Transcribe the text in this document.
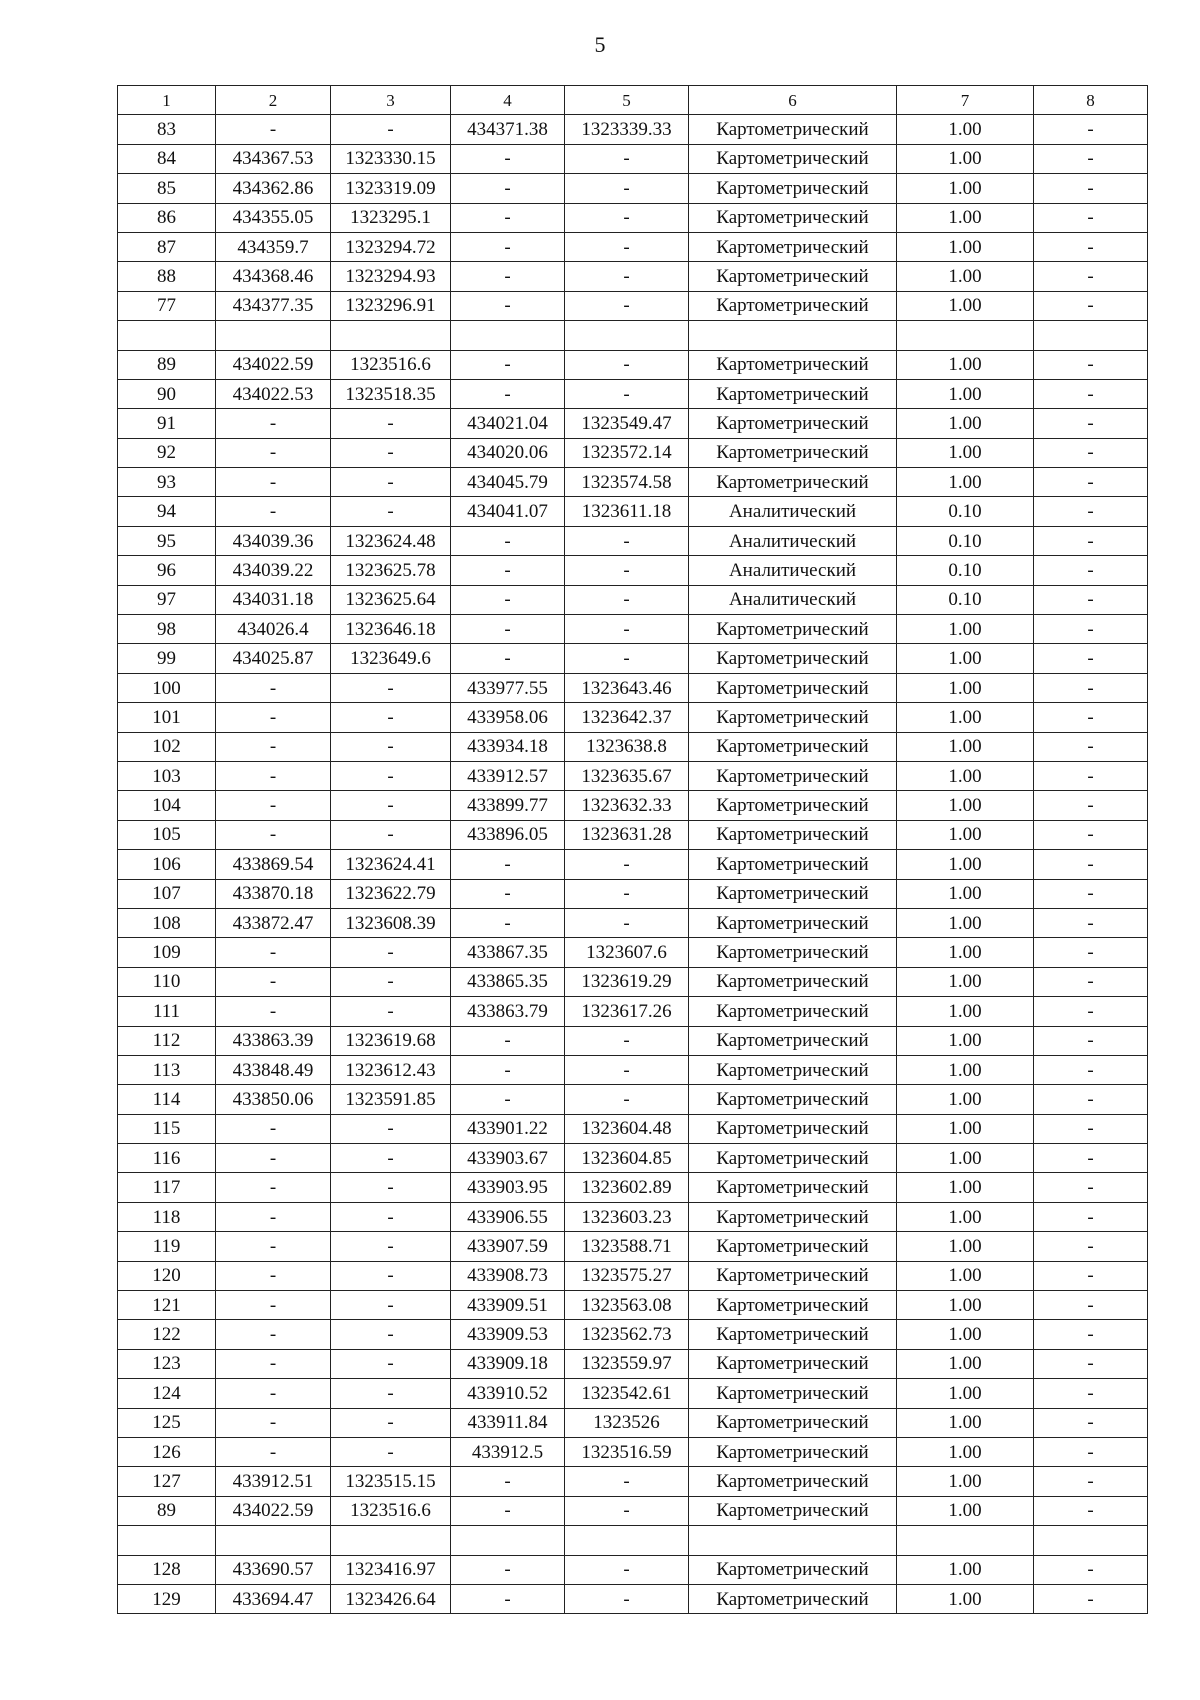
5
1	2	3	4	5	6	7	8
83	-	-	434371.38	1323339.33	Картометрический	1.00	-
84	434367.53	1323330.15	-	-	Картометрический	1.00	-
85	434362.86	1323319.09	-	-	Картометрический	1.00	-
86	434355.05	1323295.1	-	-	Картометрический	1.00	-
87	434359.7	1323294.72	-	-	Картометрический	1.00	-
88	434368.46	1323294.93	-	-	Картометрический	1.00	-
77	434377.35	1323296.91	-	-	Картометрический	1.00	-

89	434022.59	1323516.6	-	-	Картометрический	1.00	-
90	434022.53	1323518.35	-	-	Картометрический	1.00	-
91	-	-	434021.04	1323549.47	Картометрический	1.00	-
92	-	-	434020.06	1323572.14	Картометрический	1.00	-
93	-	-	434045.79	1323574.58	Картометрический	1.00	-
94	-	-	434041.07	1323611.18	Аналитический	0.10	-
95	434039.36	1323624.48	-	-	Аналитический	0.10	-
96	434039.22	1323625.78	-	-	Аналитический	0.10	-
97	434031.18	1323625.64	-	-	Аналитический	0.10	-
98	434026.4	1323646.18	-	-	Картометрический	1.00	-
99	434025.87	1323649.6	-	-	Картометрический	1.00	-
100	-	-	433977.55	1323643.46	Картометрический	1.00	-
101	-	-	433958.06	1323642.37	Картометрический	1.00	-
102	-	-	433934.18	1323638.8	Картометрический	1.00	-
103	-	-	433912.57	1323635.67	Картометрический	1.00	-
104	-	-	433899.77	1323632.33	Картометрический	1.00	-
105	-	-	433896.05	1323631.28	Картометрический	1.00	-
106	433869.54	1323624.41	-	-	Картометрический	1.00	-
107	433870.18	1323622.79	-	-	Картометрический	1.00	-
108	433872.47	1323608.39	-	-	Картометрический	1.00	-
109	-	-	433867.35	1323607.6	Картометрический	1.00	-
110	-	-	433865.35	1323619.29	Картометрический	1.00	-
111	-	-	433863.79	1323617.26	Картометрический	1.00	-
112	433863.39	1323619.68	-	-	Картометрический	1.00	-
113	433848.49	1323612.43	-	-	Картометрический	1.00	-
114	433850.06	1323591.85	-	-	Картометрический	1.00	-
115	-	-	433901.22	1323604.48	Картометрический	1.00	-
116	-	-	433903.67	1323604.85	Картометрический	1.00	-
117	-	-	433903.95	1323602.89	Картометрический	1.00	-
118	-	-	433906.55	1323603.23	Картометрический	1.00	-
119	-	-	433907.59	1323588.71	Картометрический	1.00	-
120	-	-	433908.73	1323575.27	Картометрический	1.00	-
121	-	-	433909.51	1323563.08	Картометрический	1.00	-
122	-	-	433909.53	1323562.73	Картометрический	1.00	-
123	-	-	433909.18	1323559.97	Картометрический	1.00	-
124	-	-	433910.52	1323542.61	Картометрический	1.00	-
125	-	-	433911.84	1323526	Картометрический	1.00	-
126	-	-	433912.5	1323516.59	Картометрический	1.00	-
127	433912.51	1323515.15	-	-	Картометрический	1.00	-
89	434022.59	1323516.6	-	-	Картометрический	1.00	-

128	433690.57	1323416.97	-	-	Картометрический	1.00	-
129	433694.47	1323426.64	-	-	Картометрический	1.00	-
